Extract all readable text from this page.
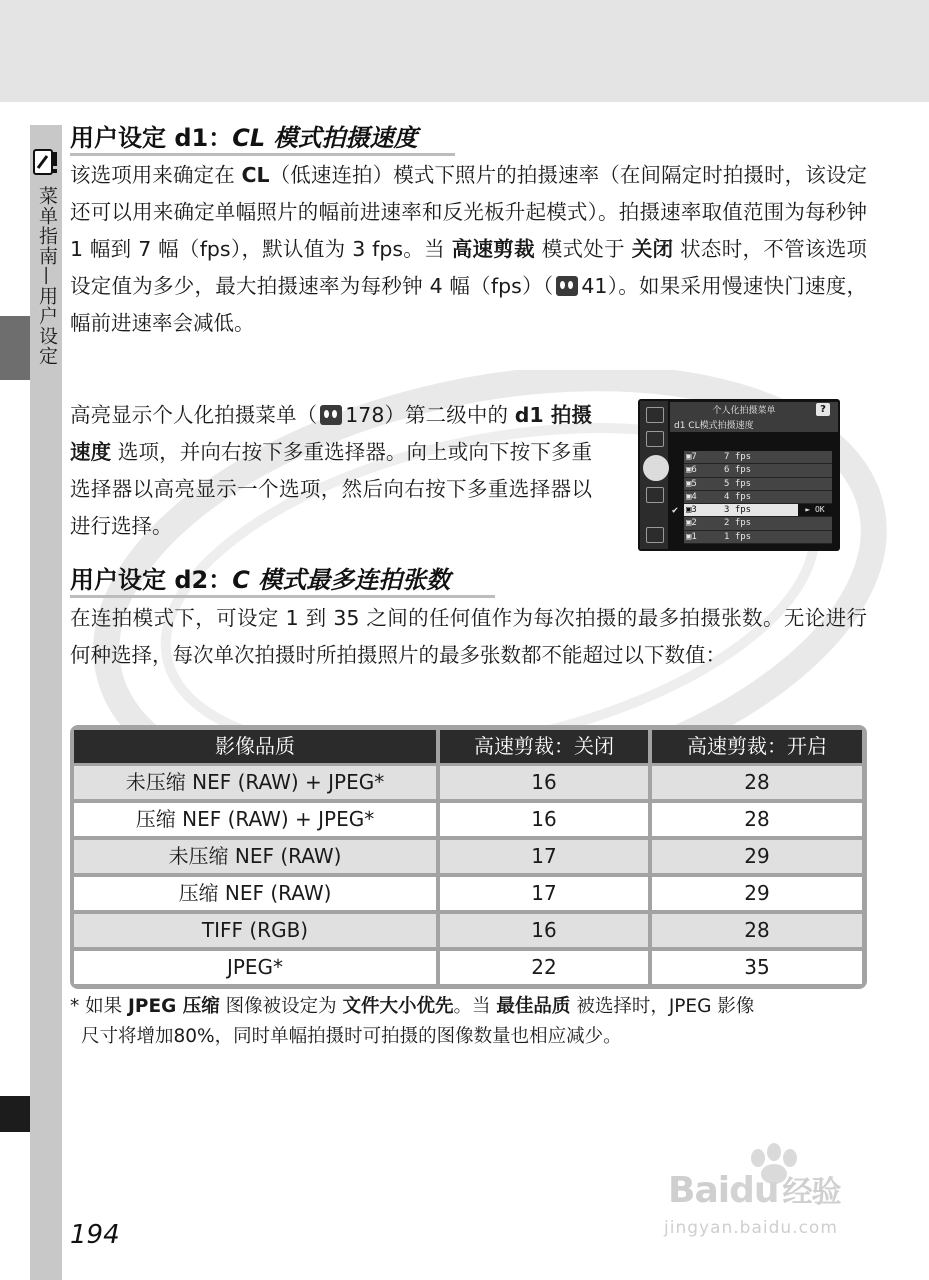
菜单指南—用户设定
用户设定 d1：CL 模式拍摄速度
该选项用来确定在 CL（低速连拍）模式下照片的拍摄速率（在间隔定时拍摄时，该设定还可以用来确定单幅照片的幅前进速率和反光板升起模式）。拍摄速率取值范围为每秒钟 1 幅到 7 幅（fps），默认值为 3 fps。当 高速剪裁 模式处于 关闭 状态时，不管该选项设定值为多少，最大拍摄速率为每秒钟 4 幅（fps）（ 41）。如果采用慢速快门速度，幅前进速率会减低。
高亮显示个人化拍摄菜单（ 178）第二级中的 d1 拍摄速度 选项，并向右按下多重选择器。向上或向下按下多重选择器以高亮显示一个选项，然后向右按下多重选择器以进行选择。
个人化拍摄菜单	?
d1 CL模式拍摄速度
▣7	7 fps
▣6	6 fps
▣5	5 fps
▣4	4 fps
✔ ▣3	3 fps	► OK
▣2	2 fps
▣1	1 fps
用户设定 d2：C 模式最多连拍张数
在连拍模式下，可设定 1 到 35 之间的任何值作为每次拍摄的最多拍摄张数。无论进行何种选择，每次单次拍摄时所拍摄照片的最多张数都不能超过以下数值：
影像品质	高速剪裁：关闭	高速剪裁：开启
未压缩 NEF (RAW) + JPEG*	16	28
压缩 NEF (RAW) + JPEG*	16	28
未压缩 NEF (RAW)	17	29
压缩 NEF (RAW)	17	29
TIFF (RGB)	16	28
JPEG*	22	35
* 如果 JPEG 压缩 图像被设定为 文件大小优先。当 最佳品质 被选择时，JPEG 影像
尺寸将增加80%，同时单幅拍摄时可拍摄的图像数量也相应减少。
194
Baidu 经验
jingyan.baidu.com
